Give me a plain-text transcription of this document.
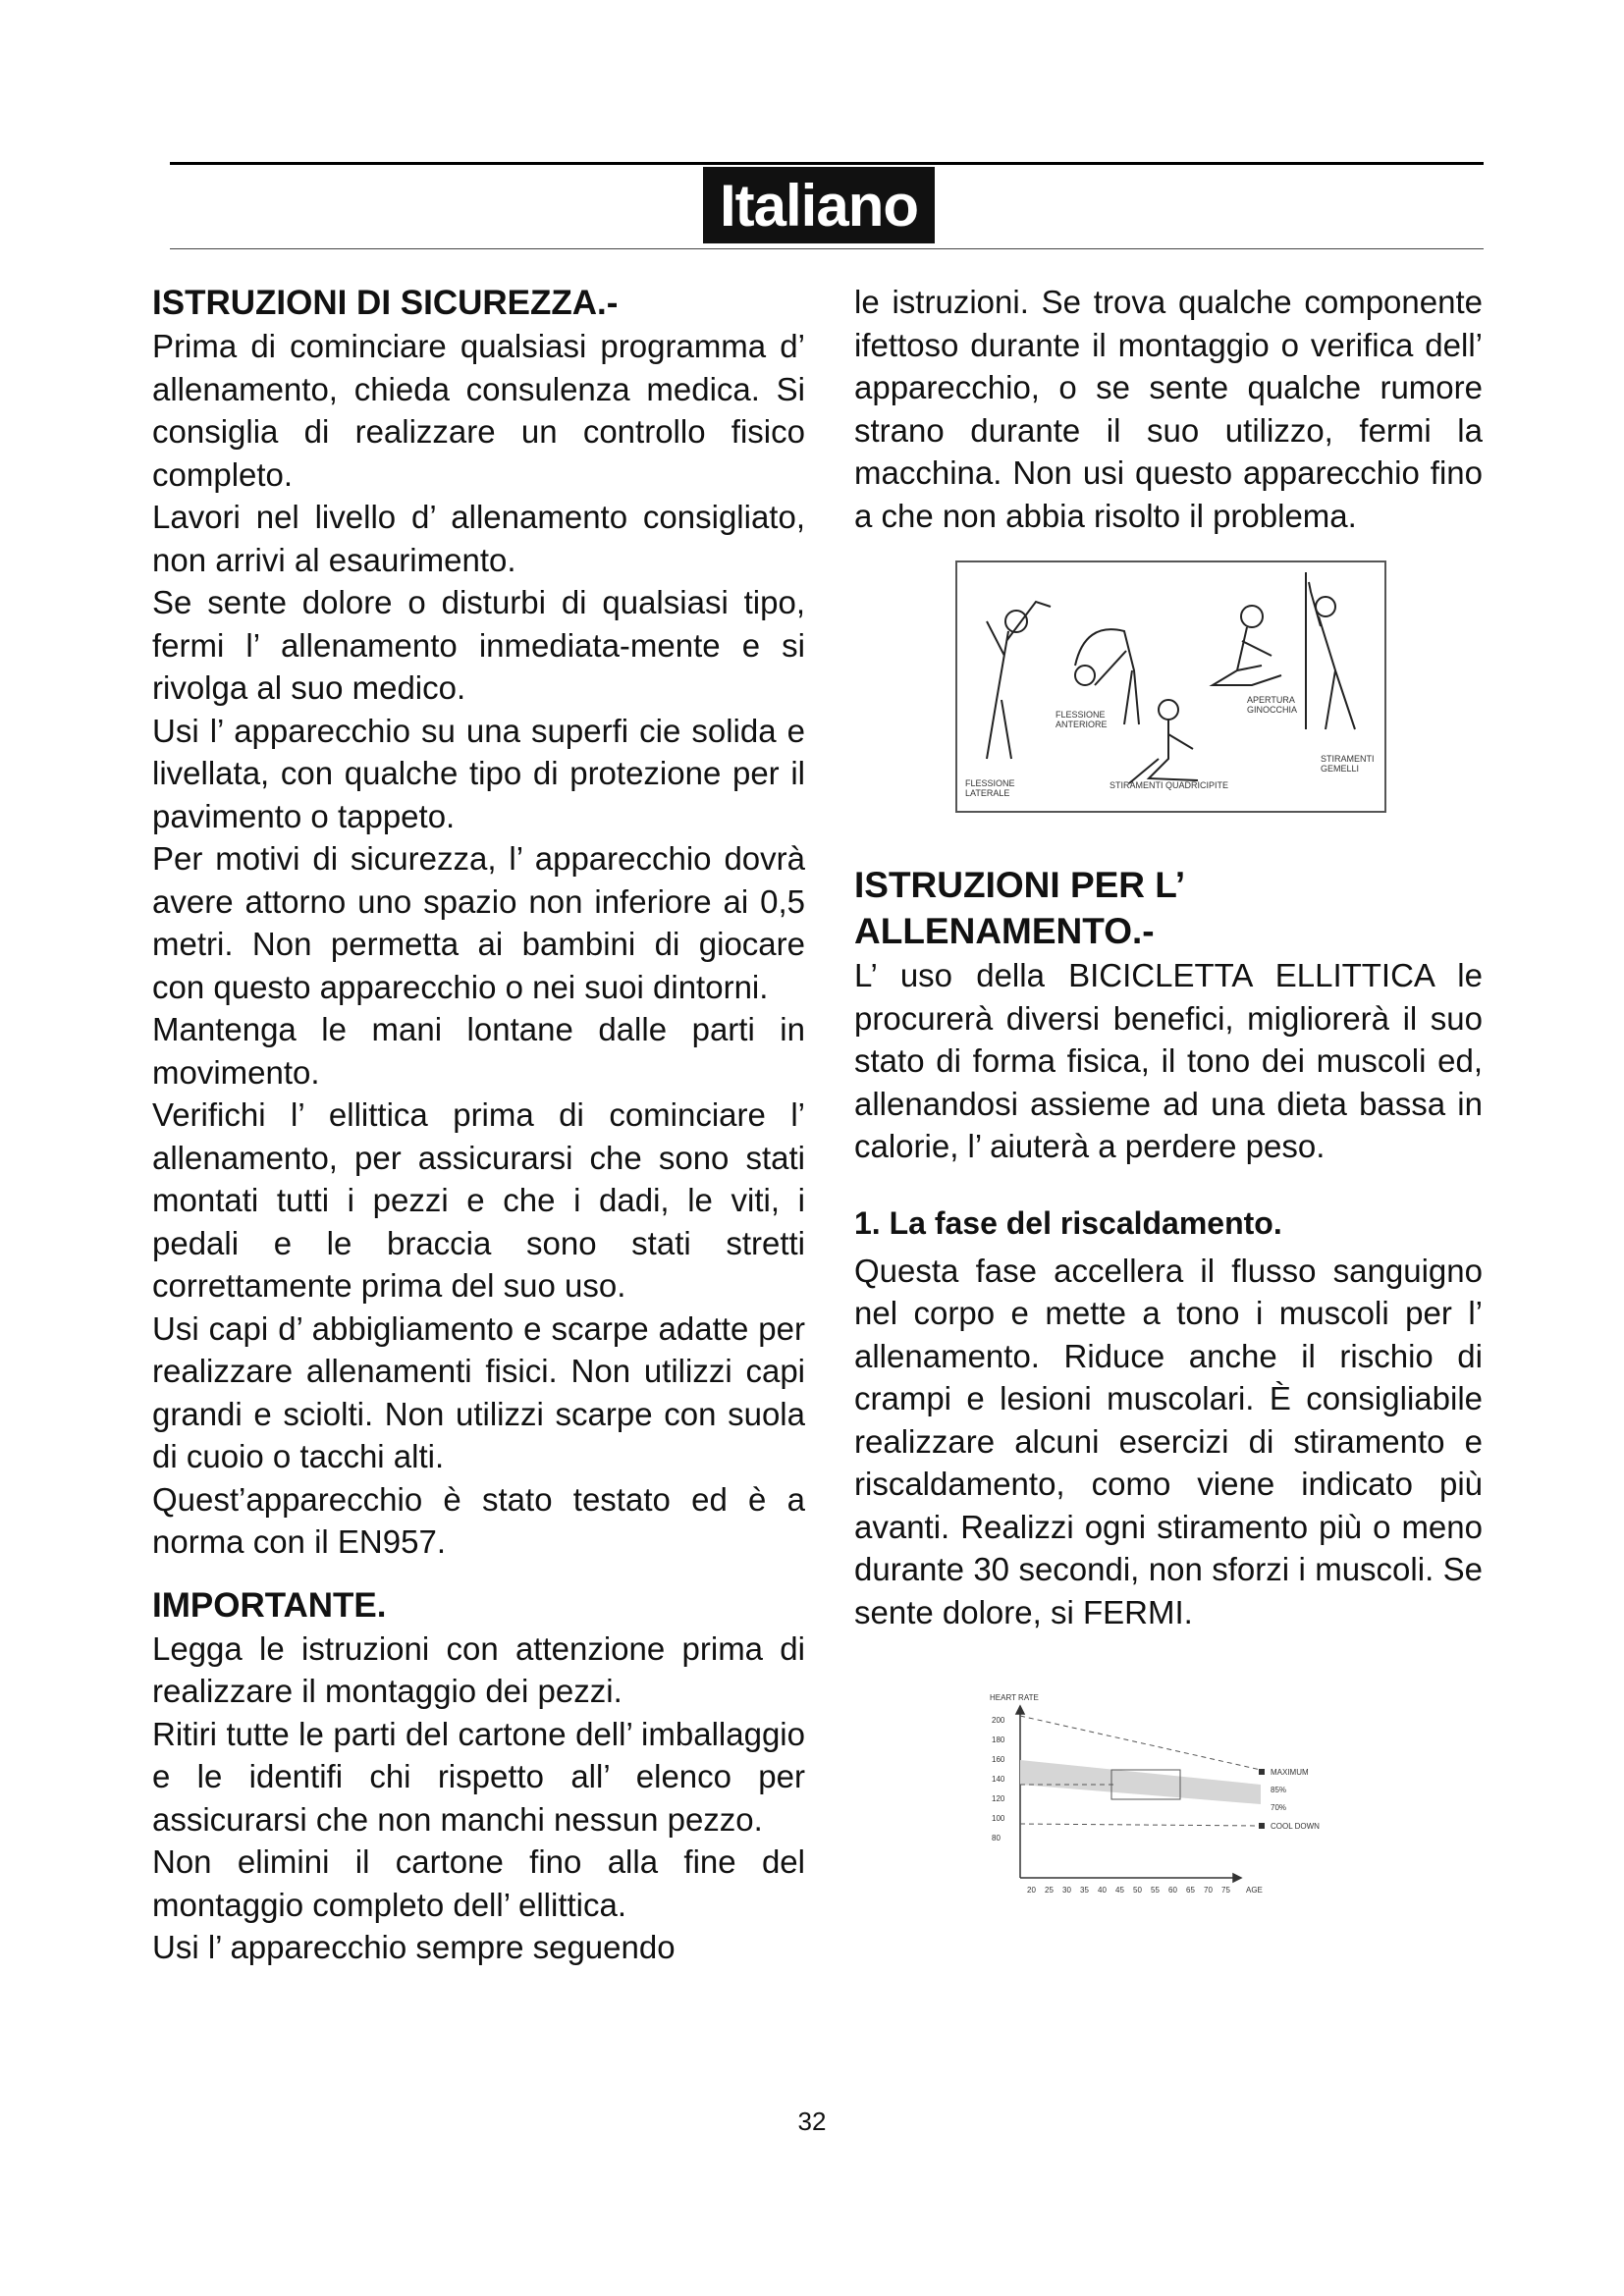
Italiano
ISTRUZIONI DI SICUREZZA.-

Prima di cominciare qualsiasi programma d’ allenamento, chieda consulenza medica. Si consiglia di realizzare un controllo fisico completo.

Lavori nel livello d’ allenamento consigliato, non arrivi al esaurimento.

Se sente dolore o disturbi di qualsiasi tipo, fermi l’ allenamento inmediata-mente e si rivolga al suo medico.

Usi l’ apparecchio su una superfi cie solida e livellata, con qualche tipo di protezione per il pavimento o tappeto.

Per motivi di sicurezza, l’ apparecchio dovrà avere attorno uno spazio non inferiore ai 0,5 metri. Non permetta ai bambini di giocare con questo apparecchio o nei suoi dintorni.

Mantenga le mani lontane dalle parti in movimento.

Verifichi l’ ellittica prima di cominciare l’ allenamento, per assicurarsi che sono stati montati tutti i pezzi e che i dadi, le viti, i pedali e le braccia sono stati stretti correttamente prima del suo uso.

Usi capi d’ abbigliamento e scarpe adatte per realizzare allenamenti fisici. Non utilizzi capi grandi e sciolti. Non utilizzi scarpe con suola di cuoio o tacchi alti.

Quest’apparecchio è stato testato ed è a norma con il EN957.

IMPORTANTE.

Legga le istruzioni con attenzione prima di realizzare il montaggio dei pezzi.

Ritiri tutte le parti del cartone dell’ imballaggio e le identifi chi rispetto all’ elenco per assicurarsi che non manchi nessun pezzo.

Non elimini il cartone fino alla fine del montaggio completo dell’ ellittica.

Usi l’ apparecchio sempre seguendo

le istruzioni. Se trova qualche componente ifettoso durante il montaggio o verifica dell’ apparecchio, o se sente qualche rumore strano durante il suo utilizzo, fermi la macchina. Non usi questo apparecchio fino a che non abbia risolto il problema.

FLESSIONE LATERALE
FLESSIONE ANTERIORE
APERTURA GINOCCHIA
STIRAMENTI QUADRICIPITE
STIRAMENTI GEMELLI
ISTRUZIONI PER L’
ALLENAMENTO.-

L’ uso della BICICLETTA ELLITTICA le procurerà diversi benefici, migliorerà il suo stato di forma fisica, il tono dei muscoli ed, allenandosi assieme ad una dieta bassa in calorie, l’ aiuterà a perdere peso.

1. La fase del riscaldamento.

Questa fase accellera il flusso sanguigno nel corpo e mette a tono i muscoli per l’ allenamento. Riduce anche il rischio di crampi e lesioni muscolari. È consigliabile realizzare alcuni esercizi di stiramento e riscaldamento, como viene indicato più avanti. Realizzi ogni stiramento più o meno durante 30 secondi, non sforzi i muscoli. Se sente dolore, si FERMI.

HEART RATE
200
180
160
140
120
100
80
20 25 30 35 40 45 50 55 60 65 70 75 AGE
MAXIMUM
85%
70%
COOL DOWN
32
